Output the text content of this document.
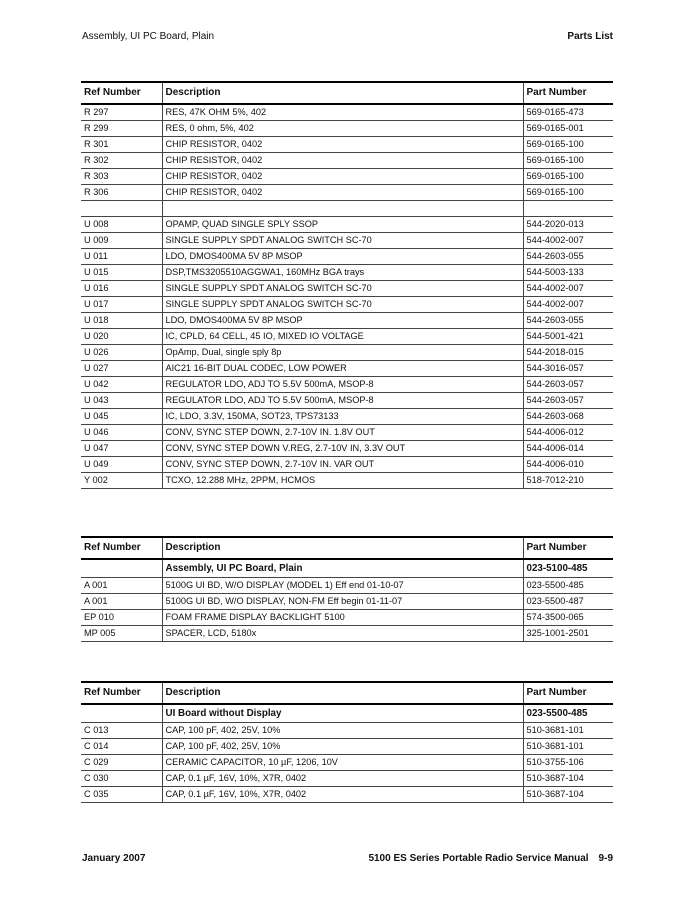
Assembly, UI PC Board, Plain	Parts List
Ref Number	Description	Part Number
R 297	RES, 47K OHM 5%, 402	569-0165-473
R 299	RES, 0 ohm, 5%, 402	569-0165-001
R 301	CHIP RESISTOR, 0402	569-0165-100
R 302	CHIP RESISTOR, 0402	569-0165-100
R 303	CHIP RESISTOR, 0402	569-0165-100
R 306	CHIP RESISTOR, 0402	569-0165-100

U 008	OPAMP, QUAD SINGLE SPLY SSOP	544-2020-013
U 009	SINGLE SUPPLY SPDT ANALOG SWITCH SC-70	544-4002-007
U 011	LDO, DMOS400MA 5V 8P MSOP	544-2603-055
U 015	DSP,TMS3205510AGGWA1, 160MHz BGA trays	544-5003-133
U 016	SINGLE SUPPLY SPDT ANALOG SWITCH SC-70	544-4002-007
U 017	SINGLE SUPPLY SPDT ANALOG SWITCH SC-70	544-4002-007
U 018	LDO, DMOS400MA 5V 8P MSOP	544-2603-055
U 020	IC, CPLD, 64 CELL, 45 IO, MIXED IO VOLTAGE	544-5001-421
U 026	OpAmp, Dual, single sply 8p	544-2018-015
U 027	AIC21 16-BIT DUAL CODEC, LOW POWER	544-3016-057
U 042	REGULATOR LDO, ADJ TO 5.5V 500mA, MSOP-8	544-2603-057
U 043	REGULATOR LDO, ADJ TO 5.5V 500mA, MSOP-8	544-2603-057
U 045	IC, LDO, 3.3V, 150MA, SOT23, TPS73133	544-2603-068
U 046	CONV, SYNC STEP DOWN, 2.7-10V IN. 1.8V OUT	544-4006-012
U 047	CONV, SYNC STEP DOWN V.REG, 2.7-10V IN, 3.3V OUT	544-4006-014
U 049	CONV, SYNC STEP DOWN, 2.7-10V IN. VAR OUT	544-4006-010
Y 002	TCXO, 12.288 MHz, 2PPM, HCMOS	518-7012-210
Ref Number	Description	Part Number
	Assembly, UI PC Board, Plain	023-5100-485
A 001	5100G UI BD, W/O DISPLAY (MODEL 1) Eff end 01-10-07	023-5500-485
A 001	5100G UI BD, W/O DISPLAY, NON-FM Eff begin 01-11-07	023-5500-487
EP 010	FOAM FRAME DISPLAY BACKLIGHT 5100	574-3500-065
MP 005	SPACER, LCD, 5180x	325-1001-2501
Ref Number	Description	Part Number
	UI Board without Display	023-5500-485
C 013	CAP, 100 pF, 402, 25V, 10%	510-3681-101
C 014	CAP, 100 pF, 402, 25V, 10%	510-3681-101
C 029	CERAMIC CAPACITOR, 10 µF, 1206, 10V	510-3755-106
C 030	CAP, 0.1 µF, 16V, 10%, X7R, 0402	510-3687-104
C 035	CAP, 0.1 µF, 16V, 10%, X7R, 0402	510-3687-104
January 2007	5100 ES Series Portable Radio Service Manual 9-9
